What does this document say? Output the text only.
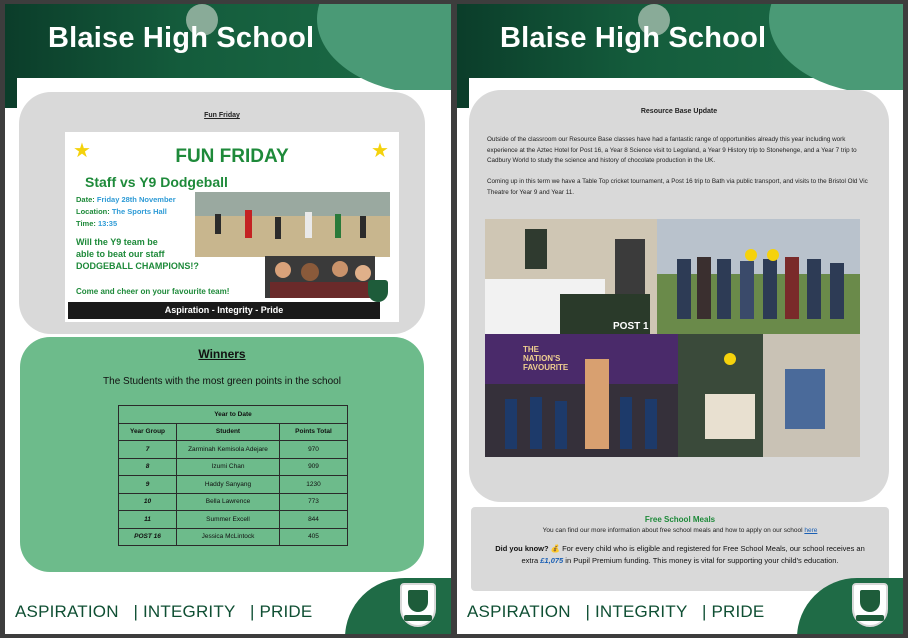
Blaise High School
Fun Friday
★	★
FUN FRIDAY
Staff vs Y9 Dodgeball
Date: Friday 28th November
Location: The Sports Hall
Time: 13:35
Will the Y9 team be
able to beat our staff
DODGEBALL CHAMPIONS!?
Come and cheer on your favourite team!
Aspiration - Integrity - Pride
Winners
The Students with the most green points in the school
Year to Date		
Year Group	Student	Points Total
7	Zarminah Kemisola Adejare	970
8	Izumi Chan	909
9	Haddy Sanyang	1230
10	Bella Lawrence	773
11	Summer Excell	844
POST 16	Jessica McLintock	405
ASPIRATION   | INTEGRITY   | PRIDE
Blaise High School
Resource Base Update
Outside of the classroom our Resource Base classes have had a fantastic range of opportunities already this year including work experience at the Aztec Hotel for Post 16, a Year 8 Science visit to Legoland, a Year 9 History trip to Stonehenge, and a Year 7 trip to Cadbury World to study the science and history of chocolate production in the UK.
Coming up in this term we have a Table Top cricket tournament, a Post 16 trip to Bath via public transport, and visits to the Bristol Old Vic Theatre for Year 9 and Year 11.
POST 1
THE
NATION'S
FAVOURITE
Free School Meals
You can find our more information about free school meals and how to apply on our school here
Did you know? 💰 For every child who is eligible and registered for Free School Meals, our school receives an extra £1,075 in Pupil Premium funding. This money is vital for supporting your child’s education.
ASPIRATION   | INTEGRITY   | PRIDE
